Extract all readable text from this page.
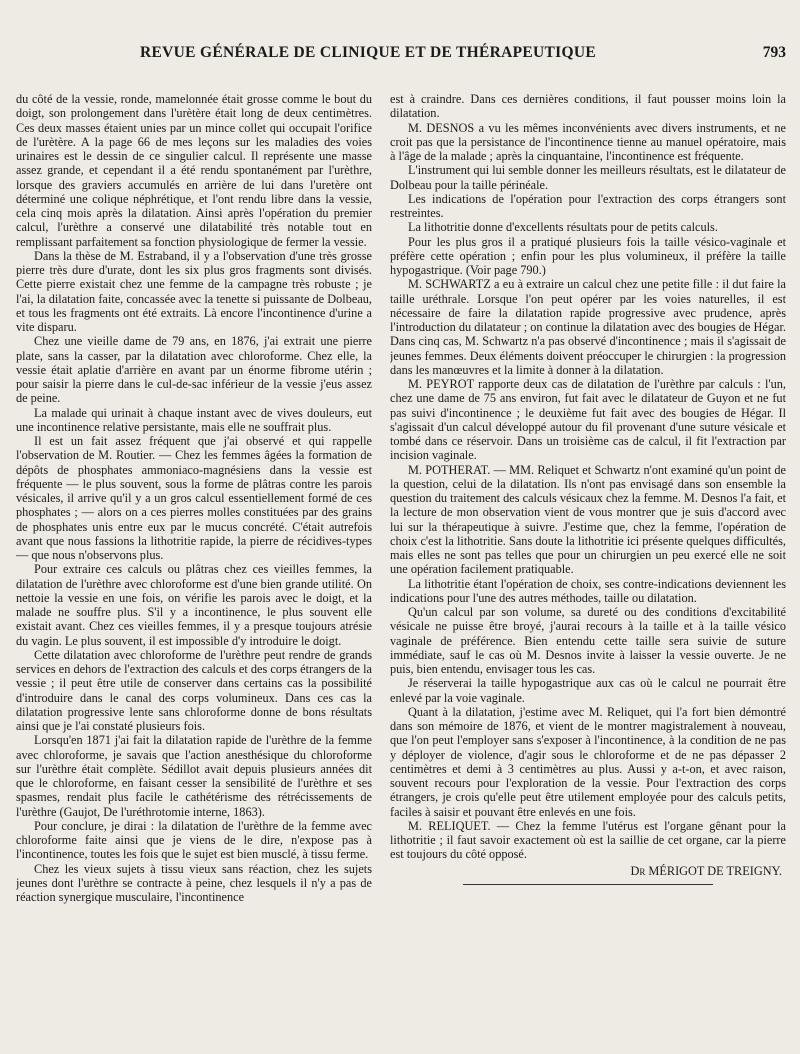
REVUE GÉNÉRALE DE CLINIQUE ET DE THÉRAPEUTIQUE	793

du côté de la vessie, ronde, mamelonnée était grosse comme le bout du doigt, son prolongement dans l'urètère était long de deux centimètres. Ces deux masses étaient unies par un mince collet qui occupait l'orifice de l'urètère. A la page 66 de mes leçons sur les maladies des voies urinaires est le dessin de ce singulier calcul. Il représente une masse assez grande, et cependant il a été rendu spontanément par l'urèthre, lorsque des graviers accumulés en arrière de lui dans l'uretère ont déterminé une colique néphrétique, et l'ont rendu libre dans la vessie, cela cinq mois après la dilatation. Ainsi après l'opération du premier calcul, l'urèthre a conservé une dilatabilité très notable tout en remplissant parfaitement sa fonction physiologique de fermer la vessie.

Dans la thèse de M. Estraband, il y a l'observation d'une très grosse pierre très dure d'urate, dont les six plus gros fragments sont divisés. Cette pierre existait chez une femme de la campagne très robuste ; je l'ai, la dilatation faite, concassée avec la tenette si puissante de Dolbeau, et tous les fragments ont été extraits. Là encore l'incontinence d'urine a vite disparu.

Chez une vieille dame de 79 ans, en 1876, j'ai extrait une pierre plate, sans la casser, par la dilatation avec chloroforme. Chez elle, la vessie était aplatie d'arrière en avant par un énorme fibrome utérin ; pour saisir la pierre dans le cul-de-sac inférieur de la vessie j'eus assez de peine.

La malade qui urinait à chaque instant avec de vives douleurs, eut une incontinence relative persistante, mais elle ne souffrait plus.

Il est un fait assez fréquent que j'ai observé et qui rappelle l'observation de M. Routier. — Chez les femmes âgées la formation de dépôts de phosphates ammoniaco-magnésiens dans la vessie est fréquente — le plus souvent, sous la forme de plâtras contre les parois vésicales, il arrive qu'il y a un gros calcul essentiellement formé de ces phosphates ; — alors on a ces pierres molles constituées par des grains de phosphates unis entre eux par le mucus concrété. C'était autrefois avant que nous fassions la lithotritie rapide, la pierre de récidives-types — que nous n'observons plus.

Pour extraire ces calculs ou plâtras chez ces vieilles femmes, la dilatation de l'urèthre avec chloroforme est d'une bien grande utilité. On nettoie la vessie en une fois, on vérifie les parois avec le doigt, et la malade ne souffre plus. S'il y a incontinence, le plus souvent elle existait avant. Chez ces vieilles femmes, il y a presque toujours atrésie du vagin. Le plus souvent, il est impossible d'y introduire le doigt.

Cette dilatation avec chloroforme de l'urèthre peut rendre de grands services en dehors de l'extraction des calculs et des corps étrangers de la vessie ; il peut être utile de conserver dans certains cas la possibilité d'introduire dans le canal des corps volumineux. Dans ces cas la dilatation progressive lente sans chloroforme donne de bons résultats ainsi que je l'ai constaté plusieurs fois.

Lorsqu'en 1871 j'ai fait la dilatation rapide de l'urèthre de la femme avec chloroforme, je savais que l'action anesthésique du chloroforme sur l'urèthre était complète. Sédillot avait depuis plusieurs années dit que le chloroforme, en faisant cesser la sensibilité de l'urèthre et ses spasmes, rendait plus facile le cathétérisme des rétrécissements de l'urèthre (Gaujot, De l'uréthrotomie interne, 1863).

Pour conclure, je dirai : la dilatation de l'urèthre de la femme avec chloroforme faite ainsi que je viens de le dire, n'expose pas à l'incontinence, toutes les fois que le sujet est bien musclé, à tissu ferme.

Chez les vieux sujets à tissu vieux sans réaction, chez les sujets jeunes dont l'urèthre se contracte à peine, chez lesquels il n'y a pas de réaction synergique musculaire, l'incontinence

est à craindre. Dans ces dernières conditions, il faut pousser moins loin la dilatation.

M. DESNOS a vu les mêmes inconvénients avec divers instruments, et ne croit pas que la persistance de l'incontinence tienne au manuel opératoire, mais à l'âge de la malade ; après la cinquantaine, l'incontinence est fréquente.

L'instrument qui lui semble donner les meilleurs résultats, est le dilatateur de Dolbeau pour la taille périnéale.

Les indications de l'opération pour l'extraction des corps étrangers sont restreintes.

La lithotritie donne d'excellents résultats pour de petits calculs.

Pour les plus gros il a pratiqué plusieurs fois la taille vésico-vaginale et préfère cette opération ; enfin pour les plus volumineux, il préfère la taille hypogastrique. (Voir page 790.)

M. SCHWARTZ a eu à extraire un calcul chez une petite fille : il dut faire la taille uréthrale. Lorsque l'on peut opérer par les voies naturelles, il est nécessaire de faire la dilatation rapide progressive avec prudence, après l'introduction du dilatateur ; on continue la dilatation avec des bougies de Hégar. Dans cinq cas, M. Schwartz n'a pas observé d'incontinence ; mais il s'agissait de jeunes femmes. Deux éléments doivent préoccuper le chirurgien : la progression dans les manœuvres et la limite à donner à la dilatation.

M. PEYROT rapporte deux cas de dilatation de l'urèthre par calculs : l'un, chez une dame de 75 ans environ, fut fait avec le dilatateur de Guyon et ne fut pas suivi d'incontinence ; le deuxième fut fait avec des bougies de Hégar. Il s'agissait d'un calcul développé autour du fil provenant d'une suture vésicale et tombé dans ce réservoir. Dans un troisième cas de calcul, il fit l'extraction par incision vaginale.

M. POTHERAT. — MM. Reliquet et Schwartz n'ont examiné qu'un point de la question, celui de la dilatation. Ils n'ont pas envisagé dans son ensemble la question du traitement des calculs vésicaux chez la femme. M. Desnos l'a fait, et la lecture de mon observation vient de vous montrer que je suis d'accord avec lui sur la thérapeutique à suivre. J'estime que, chez la femme, l'opération de choix c'est la lithotritie. Sans doute la lithotritie ici présente quelques difficultés, mais elles ne sont pas telles que pour un chirurgien un peu exercé elle ne soit une opération facilement pratiquable.

La lithotritie étant l'opération de choix, ses contre-indications deviennent les indications pour l'une des autres méthodes, taille ou dilatation.

Qu'un calcul par son volume, sa dureté ou des conditions d'excitabilité vésicale ne puisse être broyé, j'aurai recours à la taille et à la taille vésico vaginale de préférence. Bien entendu cette taille sera suivie de suture immédiate, sauf le cas où M. Desnos invite à laisser la vessie ouverte. Je ne puis, bien entendu, envisager tous les cas.

Je réserverai la taille hypogastrique aux cas où le calcul ne pourrait être enlevé par la voie vaginale.

Quant à la dilatation, j'estime avec M. Reliquet, qui l'a fort bien démontré dans son mémoire de 1876, et vient de le montrer magistralement à nouveau, que l'on peut l'employer sans s'exposer à l'incontinence, à la condition de ne pas y déployer de violence, d'agir sous le chloroforme et de ne pas dépasser 2 centimètres et demi à 3 centimètres au plus. Aussi y a-t-on, et avec raison, souvent recours pour l'exploration de la vessie. Pour l'extraction des corps étrangers, je crois qu'elle peut être utilement employée pour des calculs petits, faciles à saisir et pouvant être enlevés en une fois.

M. RELIQUET. — Chez la femme l'utérus est l'organe gênant pour la lithotritie ; il faut savoir exactement où est la saillie de cet organe, car la pierre est toujours du côté opposé.

Dr MÉRIGOT DE TREIGNY.
